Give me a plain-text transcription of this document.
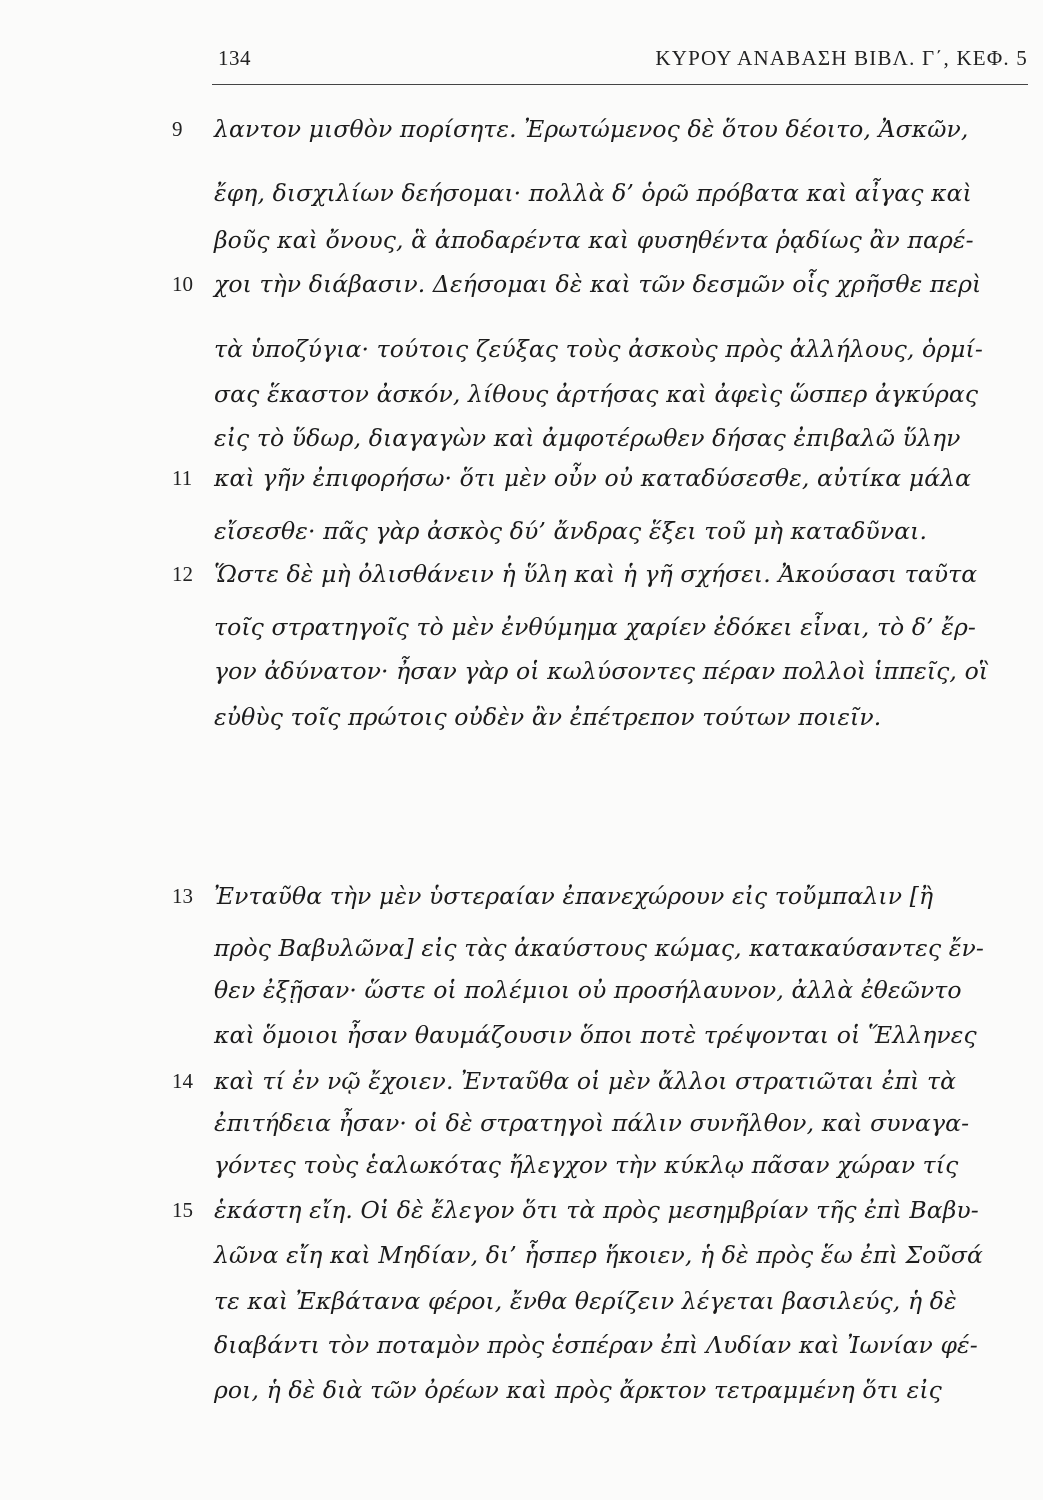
134	ΚΥΡΟΥ ΑΝΑΒΑΣΗ ΒΙΒΛ. Γ΄, ΚΕΦ. 5
9
10
11
12
13
14
15
λαντον μισθὸν πορίσητε. Ἐρωτώμενος δὲ ὅτου δέοιτο, Ἀσκῶν,
ἔφη, δισχιλίων δεήσομαι· πολλὰ δ’ ὁρῶ πρόβατα καὶ αἶγας καὶ
βοῦς καὶ ὄνους, ἃ ἀποδαρέντα καὶ φυσηθέντα ῥᾳδίως ἂν παρέ-
χοι τὴν διάβασιν. Δεήσομαι δὲ καὶ τῶν δεσμῶν οἷς χρῆσθε περὶ
τὰ ὑποζύγια· τούτοις ζεύξας τοὺς ἀσκοὺς πρὸς ἀλλήλους, ὁρμί-
σας ἕκαστον ἀσκόν, λίθους ἀρτήσας καὶ ἀφεὶς ὥσπερ ἀγκύρας
εἰς τὸ ὕδωρ, διαγαγὼν καὶ ἀμφοτέρωθεν δήσας ἐπιβαλῶ ὕλην
καὶ γῆν ἐπιφορήσω· ὅτι μὲν οὖν οὐ καταδύσεσθε, αὐτίκα μάλα
εἴσεσθε· πᾶς γὰρ ἀσκὸς δύ’ ἄνδρας ἕξει τοῦ μὴ καταδῦναι.
Ὥστε δὲ μὴ ὀλισθάνειν ἡ ὕλη καὶ ἡ γῆ σχήσει. Ἀκούσασι ταῦτα
τοῖς στρατηγοῖς τὸ μὲν ἐνθύμημα χαρίεν ἐδόκει εἶναι, τὸ δ’ ἔρ-
γον ἀδύνατον· ἦσαν γὰρ οἱ κωλύσοντες πέραν πολλοὶ ἱππεῖς, οἳ
εὐθὺς τοῖς πρώτοις οὐδὲν ἂν ἐπέτρεπον τούτων ποιεῖν.
Ἐνταῦθα τὴν μὲν ὑστεραίαν ἐπανεχώρουν εἰς τοὔμπαλιν [ἢ
πρὸς Βαβυλῶνα] εἰς τὰς ἀκαύστους κώμας, κατακαύσαντες ἔν-
θεν ἐξῇσαν· ὥστε οἱ πολέμιοι οὐ προσήλαυνον, ἀλλὰ ἐθεῶντο
καὶ ὅμοιοι ἦσαν θαυμάζουσιν ὅποι ποτὲ τρέψονται οἱ Ἕλληνες
καὶ τί ἐν νῷ ἔχοιεν. Ἐνταῦθα οἱ μὲν ἄλλοι στρατιῶται ἐπὶ τὰ
ἐπιτήδεια ἦσαν· οἱ δὲ στρατηγοὶ πάλιν συνῆλθον, καὶ συναγα-
γόντες τοὺς ἑαλωκότας ἤλεγχον τὴν κύκλῳ πᾶσαν χώραν τίς
ἑκάστη εἴη. Οἱ δὲ ἔλεγον ὅτι τὰ πρὸς μεσημβρίαν τῆς ἐπὶ Βαβυ-
λῶνα εἴη καὶ Μηδίαν, δι’ ἧσπερ ἥκοιεν, ἡ δὲ πρὸς ἕω ἐπὶ Σοῦσά
τε καὶ Ἐκβάτανα φέροι, ἔνθα θερίζειν λέγεται βασιλεύς, ἡ δὲ
διαβάντι τὸν ποταμὸν πρὸς ἑσπέραν ἐπὶ Λυδίαν καὶ Ἰωνίαν φέ-
ροι, ἡ δὲ διὰ τῶν ὀρέων καὶ πρὸς ἄρκτον τετραμμένη ὅτι εἰς
